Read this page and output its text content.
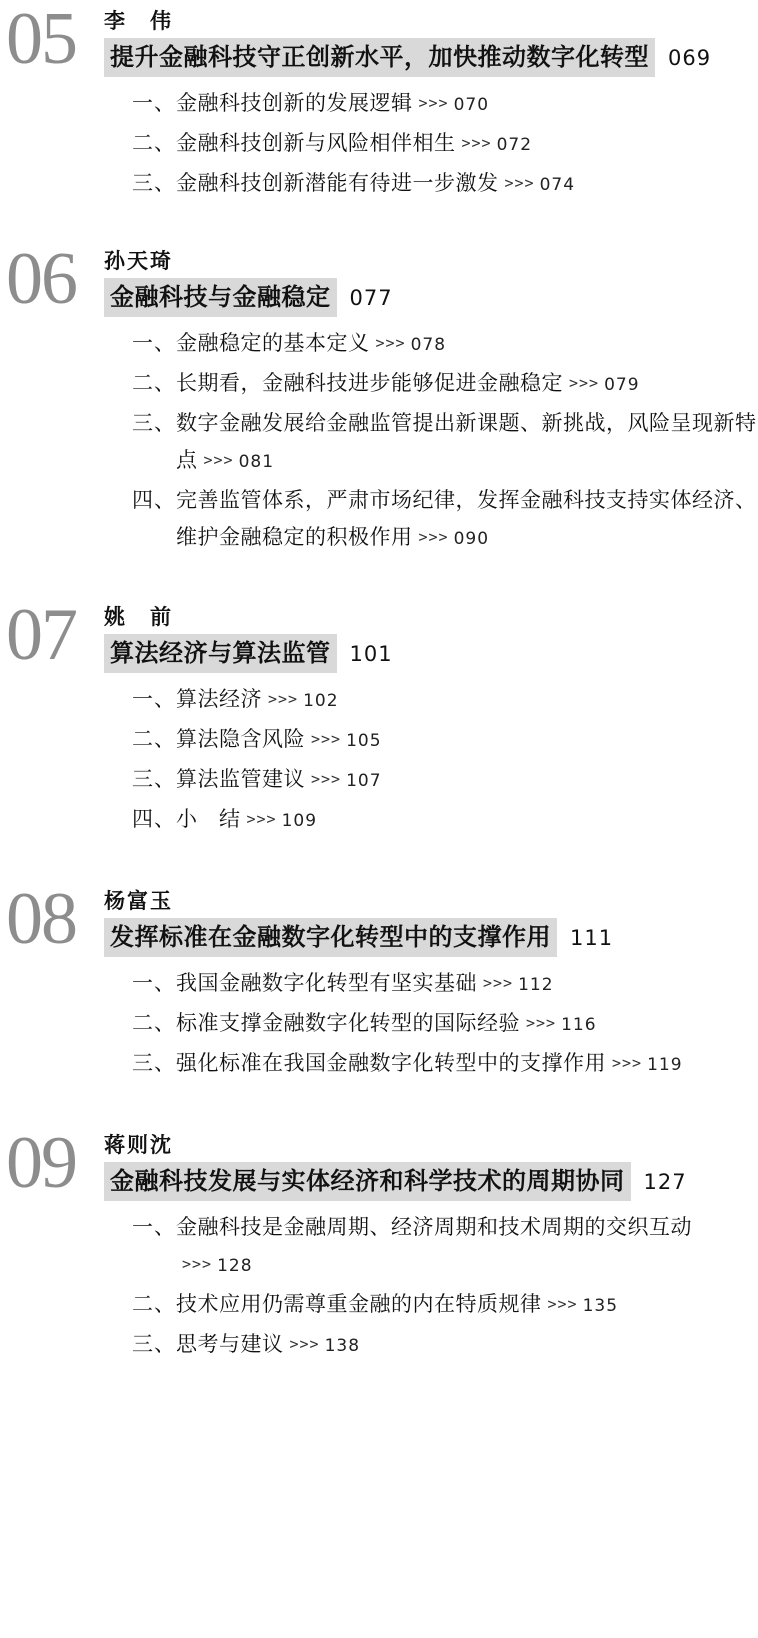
05 李　伟
提升金融科技守正创新水平，加快推动数字化转型 069
一、 金融科技创新的发展逻辑 >>> 070
二、 金融科技创新与风险相伴相生 >>> 072
三、 金融科技创新潜能有待进一步激发 >>> 074
06 孙天琦
金融科技与金融稳定 077
一、 金融稳定的基本定义 >>> 078
二、 长期看，金融科技进步能够促进金融稳定 >>> 079
三、 数字金融发展给金融监管提出新课题、新挑战，风险呈现新特点 >>> 081
四、 完善监管体系，严肃市场纪律，发挥金融科技支持实体经济、维护金融稳定的积极作用 >>> 090
07 姚　前
算法经济与算法监管 101
一、 算法经济 >>> 102
二、 算法隐含风险 >>> 105
三、 算法监管建议 >>> 107
四、 小　结 >>> 109
08 杨富玉
发挥标准在金融数字化转型中的支撑作用 111
一、 我国金融数字化转型有坚实基础 >>> 112
二、 标准支撑金融数字化转型的国际经验 >>> 116
三、 强化标准在我国金融数字化转型中的支撑作用 >>> 119
09 蒋则沈
金融科技发展与实体经济和科学技术的周期协同 127
一、 金融科技是金融周期、经济周期和技术周期的交织互动>>> 128
二、 技术应用仍需尊重金融的内在特质规律 >>> 135
三、 思考与建议 >>> 138
